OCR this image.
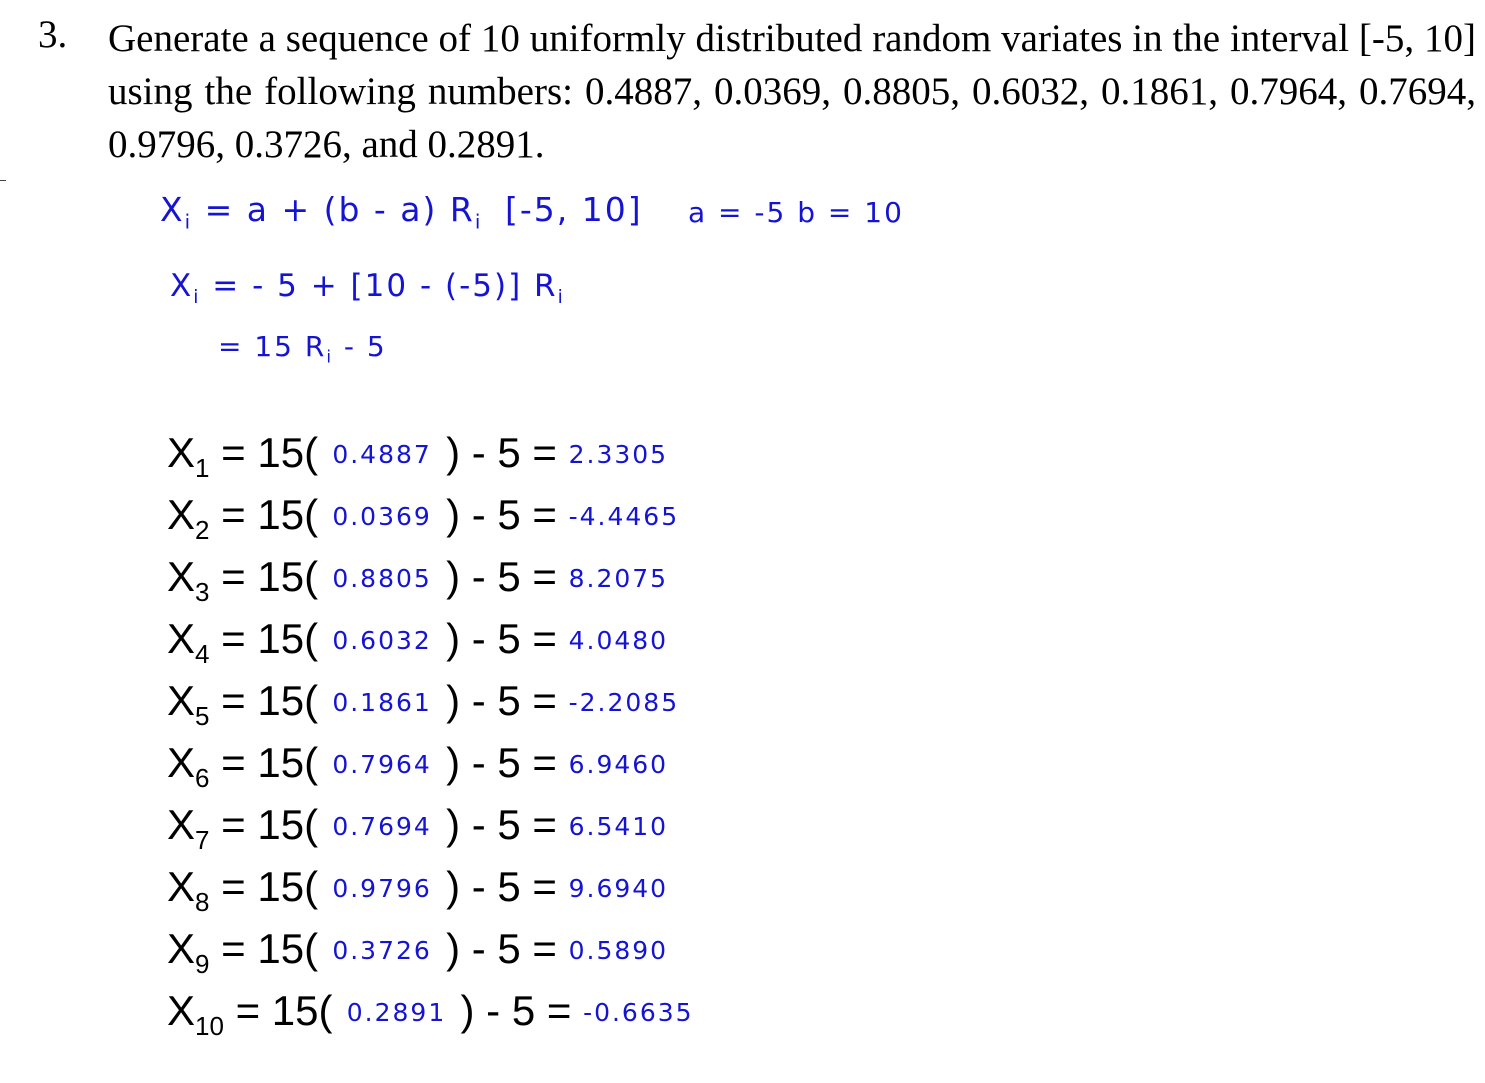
3. Generate a sequence of 10 uniformly distributed random variates in the interval [-5, 10] using the following numbers: 0.4887, 0.0369, 0.8805, 0.6032, 0.1861, 0.7964, 0.7694, 0.9796, 0.3726, and 0.2891.
$X_i = a + (b - a)$ $R_i$ [-5, 10] a = -5 b = 10
$X_i$ = - 5 + [10 - (-5)] $R_i$
= 15 $R_i - 5$
$X_1 = 15$( 0.4887 ) - 5 = 2.3305
$X_2 = 15$( 0.0369 ) - 5 = -4.4465
$X_3 = 15$( 0.8805 ) - 5 = 8.2075
$X_4 = 15$( 0.6032 ) - 5 = 4.0480
$X_5 = 15$( 0.1861 ) - 5 = -2.2085
$X_6 = 15$( 0.7964 ) - 5 = 6.9460
$X_7 = 15$( 0.7694 ) - 5 = 6.5410
$X_8 = 15$( 0.9796 ) - 5 = 9.6940
$X_9 = 15$( 0.3726 ) - 5 = 0.5890
$X_{10} = 15$( 0.2891 ) - 5 = -0.6635
